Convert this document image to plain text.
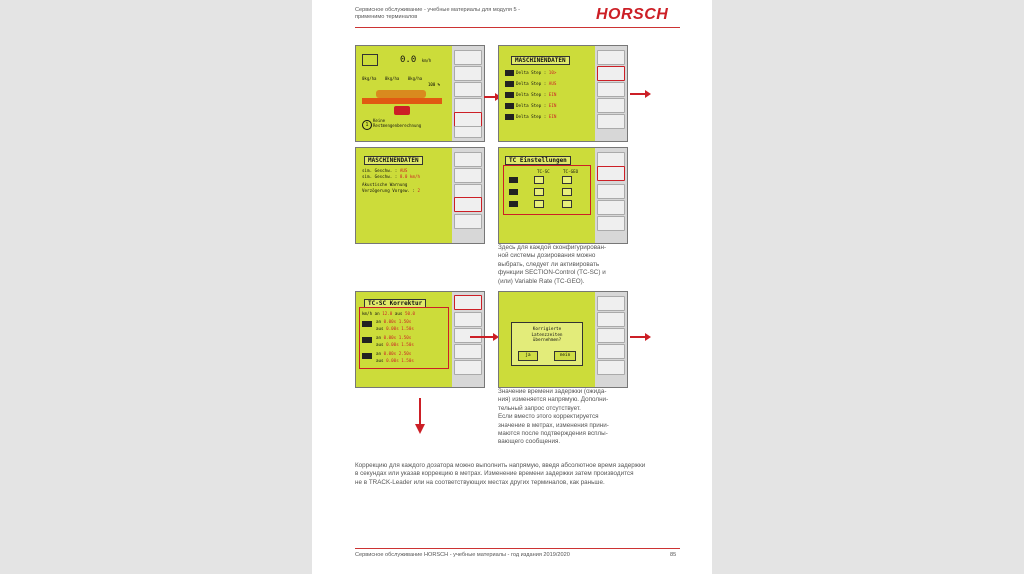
Сервисное обслуживание - учебные материалы для модуля 5 -
применимо терминалов	HORSCH
0.0 km/h
0kg/ha 0kg/ha 0kg/ha
100 %
1
Keine
Restmengenberechnung
MASCHINENDATEN
Delta Step : 10>
Delta Step : AUS
Delta Step : EIN
Delta Step : EIN
Delta Step : EIN
MASCHINENDATEN
sim. Geschw. : AUS
sim. Geschw. : 8.0 km/h
Akustische Warnung
Verzögerung Vorgew. : 2
TC Einstellungen
TC-SC	TC-GEO
Здесь для каждой сконфигурирован-
ной системы дозирования можно
выбрать, следует ли активировать
функции SECTION-Control (TC-SC) и
(или) Variable Rate (TC-GEO).
TC-SC Korrektur
km/h an 12.0 aus 50.0
an 0.00s 1.50s
aus 0.00s 1.50s
an 0.00s 1.50s
aus 0.00s 1.50s
an 0.00s 2.50s
aus 0.00s 1.50s
Korrigierte
Latenzzeiten
übernehmen?
ja	nein
Значение времени задержки (ожида-
ния) изменяется напрямую. Дополни-
тельный запрос отсутствует.
Если вместо этого корректируется
значение в метрах, изменения прини-
маются после подтверждения всплы-
вающего сообщения.
Коррекцию для каждого дозатора можно выполнить напрямую, введя абсолютное время задержки
в секундах или указав коррекцию в метрах. Изменение времени задержки затем производится
не в TRACK-Leader или на соответствующих местах других терминалов, как раньше.
Сервисное обслуживание HORSCH - учебные материалы - год издания 2019/2020	85
